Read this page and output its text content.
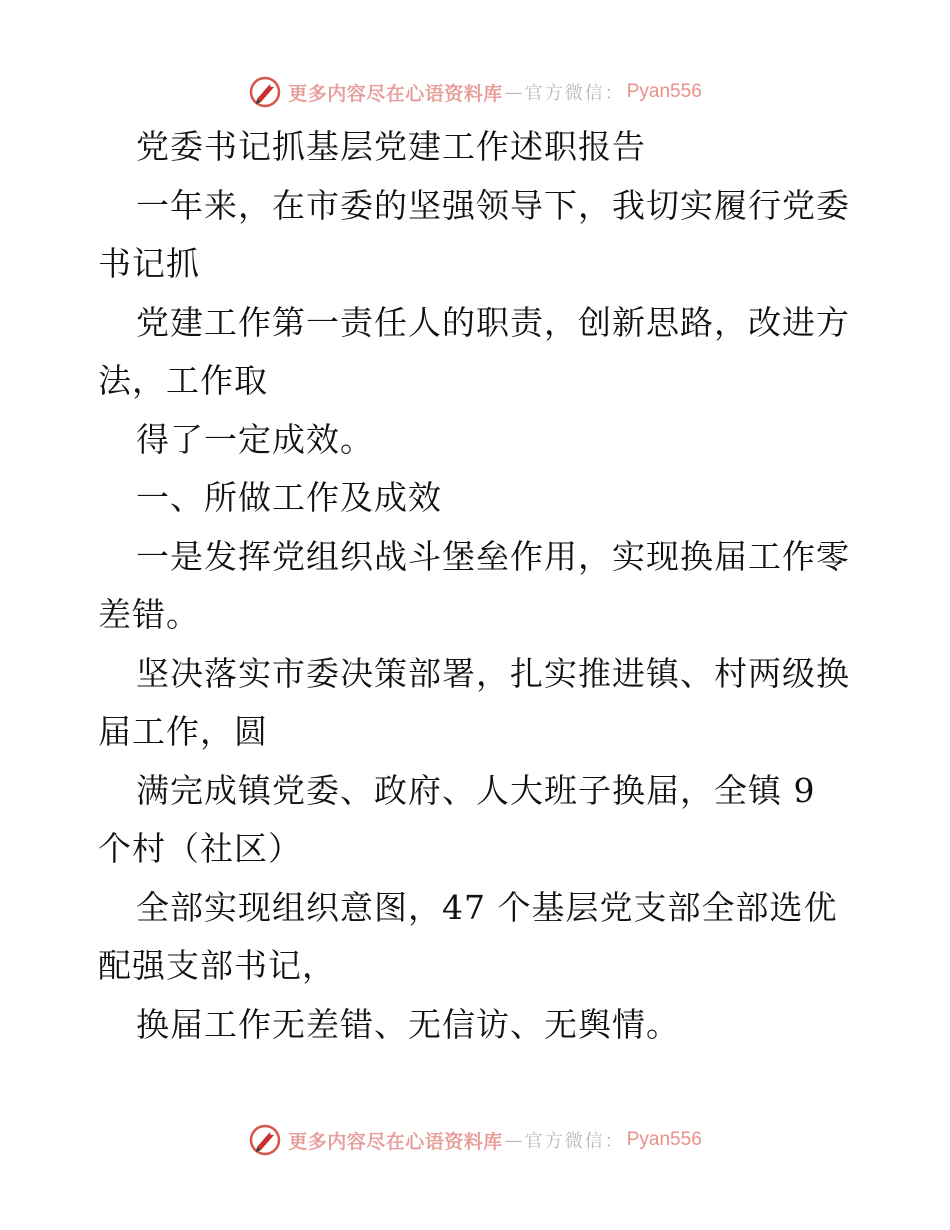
更多内容尽在心语资料库 — 官方微信： Pyan556

党委书记抓基层党建工作述职报告

一年来，在市委的坚强领导下，我切实履行党委书记抓

党建工作第一责任人的职责，创新思路，改进方法，工作取

得了一定成效。

一、所做工作及成效

一是发挥党组织战斗堡垒作用，实现换届工作零差错。

坚决落实市委决策部署，扎实推进镇、村两级换届工作，圆

满完成镇党委、政府、人大班子换届，全镇 9 个村（社区）

全部实现组织意图，47 个基层党支部全部选优配强支部书记，

换届工作无差错、无信访、无舆情。

更多内容尽在心语资料库 — 官方微信： Pyan556
